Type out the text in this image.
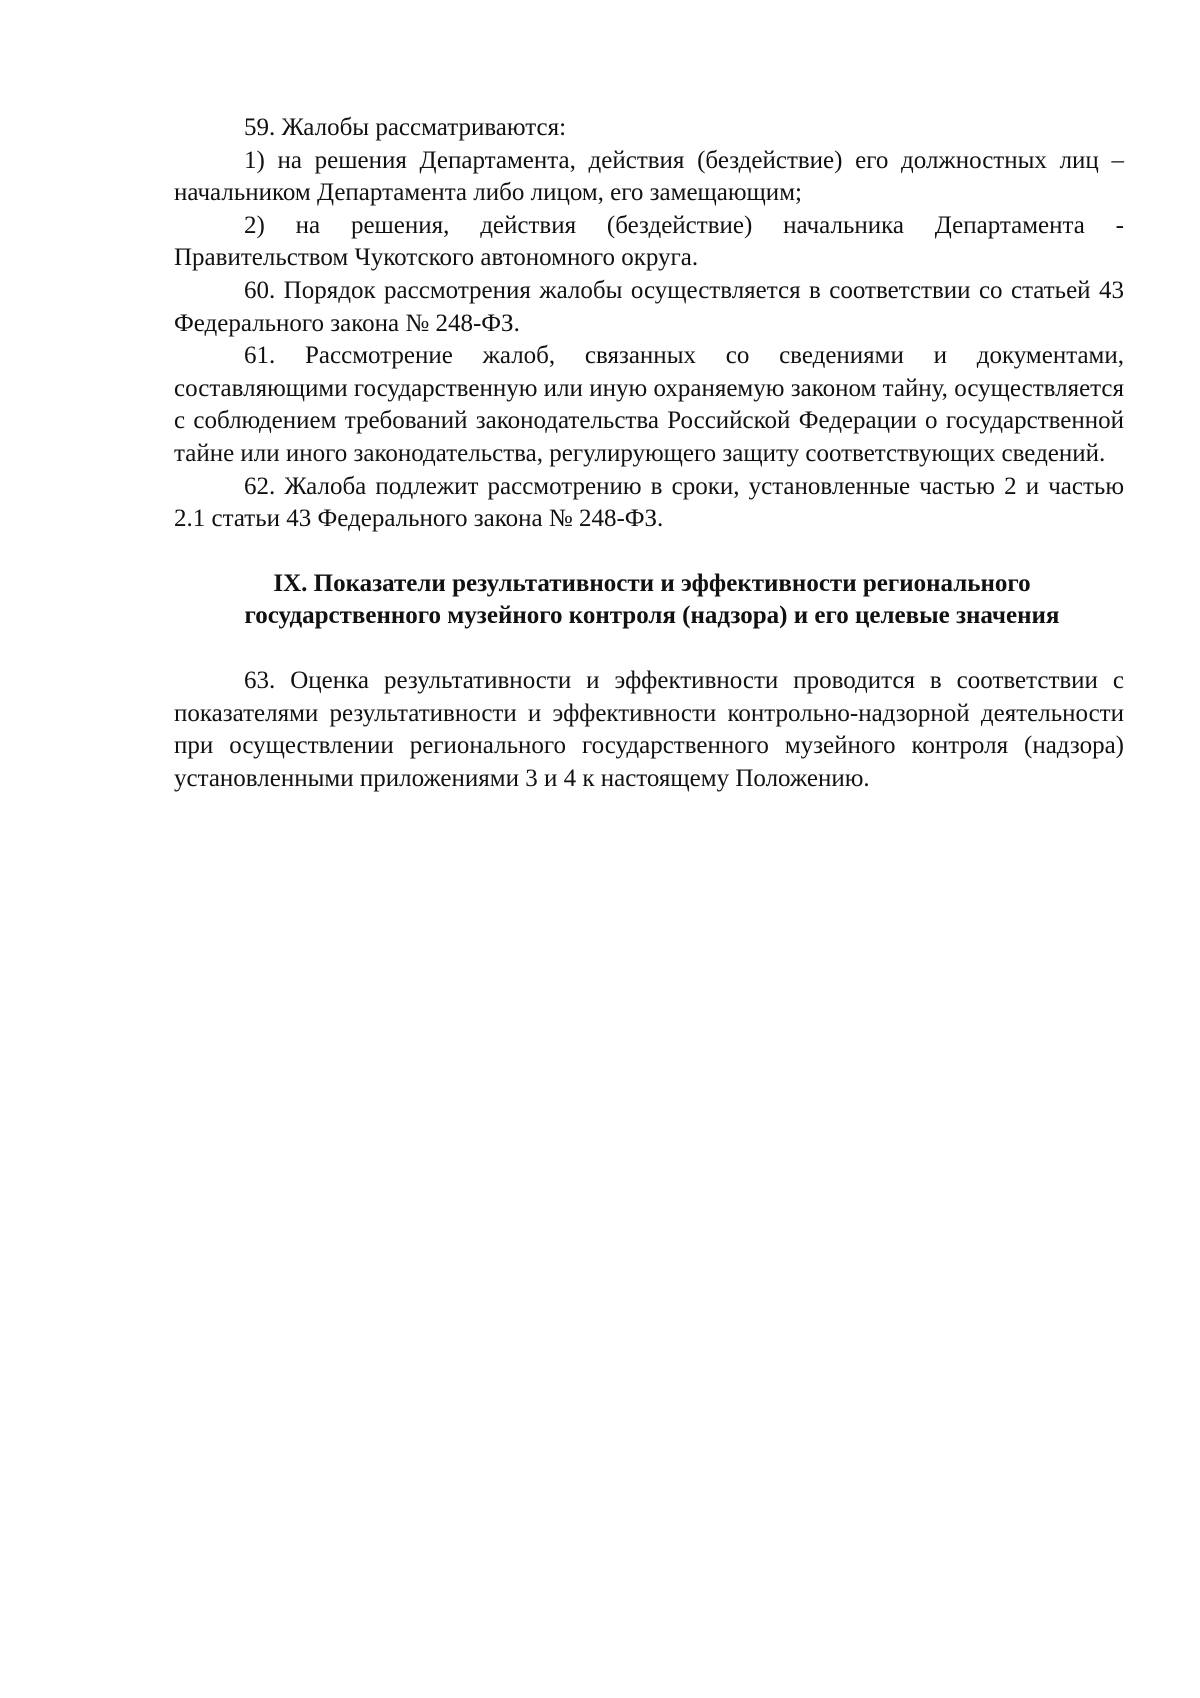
59. Жалобы рассматриваются:

1) на решения Департамента, действия (бездействие) его должностных лиц – начальником Департамента либо лицом, его замещающим;

2) на решения, действия (бездействие) начальника Департамента - Правительством Чукотского автономного округа.

60. Порядок рассмотрения жалобы осуществляется в соответствии со статьей 43 Федерального закона № 248-ФЗ.

61. Рассмотрение жалоб, связанных со сведениями и документами, составляющими государственную или иную охраняемую законом тайну, осуществляется с соблюдением требований законодательства Российской Федерации о государственной тайне или иного законодательства, регулирующего защиту соответствующих сведений.

62. Жалоба подлежит рассмотрению в сроки, установленные частью 2 и частью 2.1 статьи 43 Федерального закона № 248-ФЗ.

IX. Показатели результативности и эффективности регионального государственного музейного контроля (надзора) и его целевые значения

63. Оценка результативности и эффективности проводится в соответствии с показателями результативности и эффективности контрольно-надзорной деятельности при осуществлении регионального государственного музейного контроля (надзора) установленными приложениями 3 и 4 к настоящему Положению.
